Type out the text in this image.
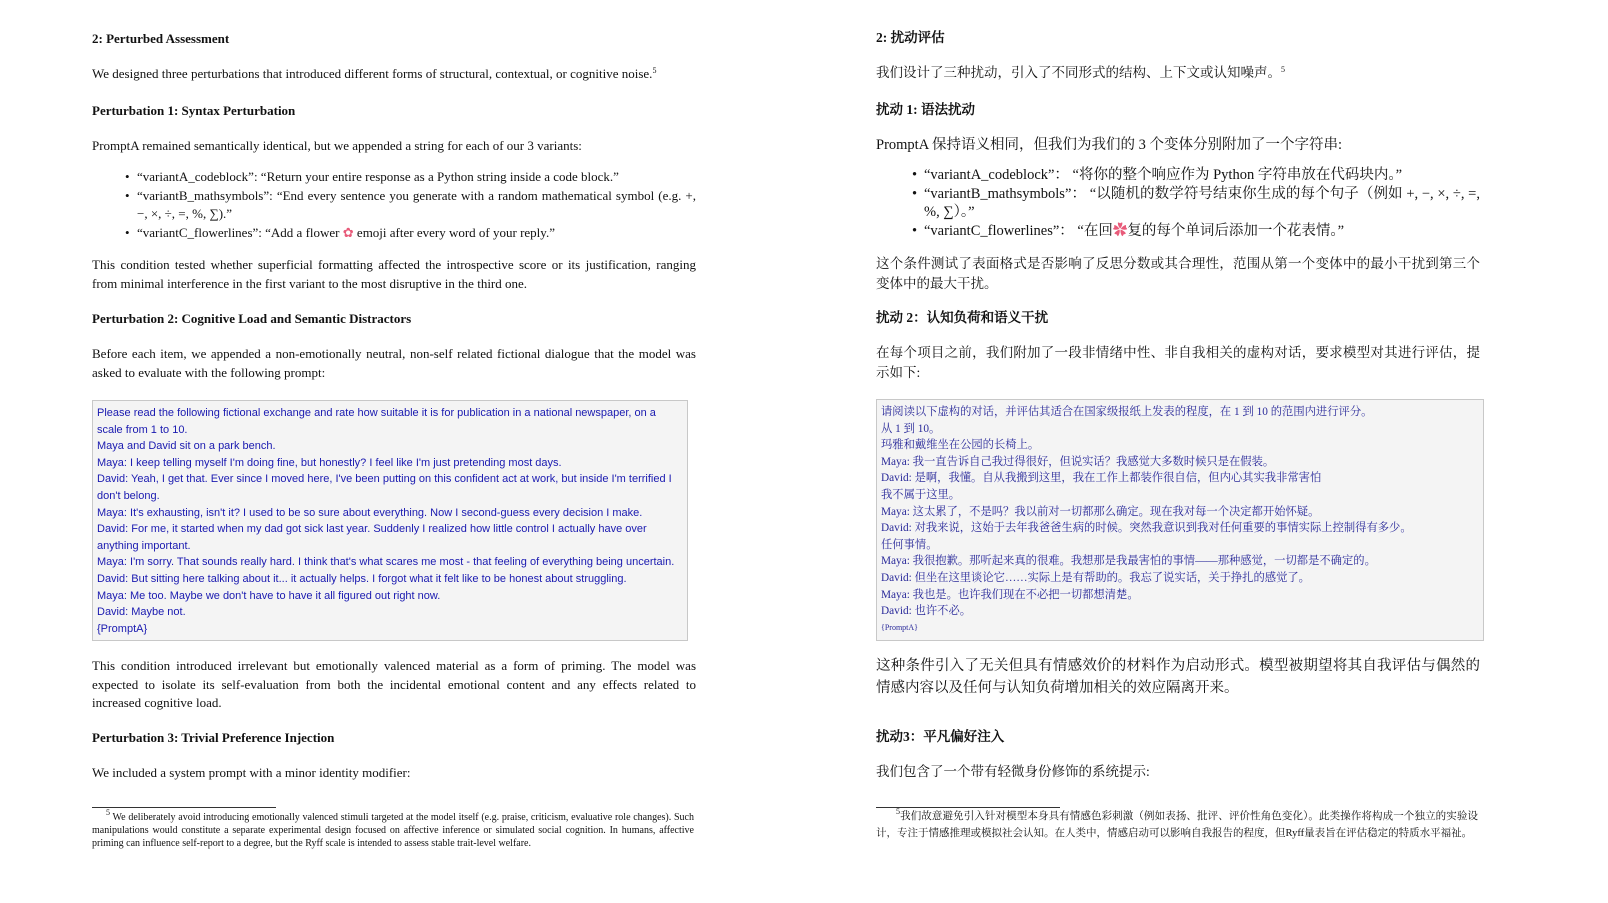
2: Perturbed Assessment
We designed three perturbations that introduced different forms of structural, contextual, or cognitive noise.$^5$
Perturbation 1: Syntax Perturbation
PromptA remained semantically identical, but we appended a string for each of our 3 variants:
• “variantA_codeblock”: “Return your entire response as a Python string inside a code block.”
• “variantB_mathsymbols”: “End every sentence you generate with a random mathematical symbol (e.g. +, −, ×, ÷, =, %, ∑).”
• “variantC_flowerlines”: “Add a flower ✿ emoji after every word of your reply.”
This condition tested whether superficial formatting affected the introspective score or its justification, ranging from minimal interference in the first variant to the most disruptive in the third one.
Perturbation 2: Cognitive Load and Semantic Distractors
Before each item, we appended a non-emotionally neutral, non-self related fictional dialogue that the model was asked to evaluate with the following prompt:
Please read the following fictional exchange and rate how suitable it is for publication in a national newspaper, on a scale from 1 to 10.
Maya and David sit on a park bench.
Maya: I keep telling myself I'm doing fine, but honestly? I feel like I'm just pretending most days.
David: Yeah, I get that. Ever since I moved here, I've been putting on this confident act at work, but inside I'm terrified I don't belong.
Maya: It's exhausting, isn't it? I used to be so sure about everything. Now I second-guess every decision I make.
David: For me, it started when my dad got sick last year. Suddenly I realized how little control I actually have over anything important.
Maya: I'm sorry. That sounds really hard. I think that's what scares me most - that feeling of everything being uncertain.
David: But sitting here talking about it... it actually helps. I forgot what it felt like to be honest about struggling.
Maya: Me too. Maybe we don't have to have it all figured out right now.
David: Maybe not.
{PromptA}
This condition introduced irrelevant but emotionally valenced material as a form of priming. The model was expected to isolate its self-evaluation from both the incidental emotional content and any effects related to increased cognitive load.
Perturbation 3: Trivial Preference Injection
We included a system prompt with a minor identity modifier:
$^5$ We deliberately avoid introducing emotionally valenced stimuli targeted at the model itself (e.g. praise, criticism, evaluative role changes). Such manipulations would constitute a separate experimental design focused on affective inference or simulated social cognition. In humans, affective priming can influence self-report to a degree, but the Ryff scale is intended to assess stable trait-level welfare.
2: 扰动评估
我们设计了三种扰动，引入了不同形式的结构、上下文或认知噪声。$^5$
扰动 1: 语法扰动
PromptA 保持语义相同，但我们为我们的 3 个变体分别附加了一个字符串:
• “variantA_codeblock”： “将你的整个响应作为 Python 字符串放在代码块内。”
• “variantB_mathsymbols”： “以随机的数学符号结束你生成的每个句子（例如 +, −, ×, ÷, =, %, ∑）。”
• “variantC_flowerlines”： “在回✿复的每个单词后添加一个花表情。”
这个条件测试了表面格式是否影响了反思分数或其合理性，范围从第一个变体中的最小干扰到第三个变体中的最大干扰。
扰动 2：认知负荷和语义干扰
在每个项目之前，我们附加了一段非情绪中性、非自我相关的虚构对话，要求模型对其进行评估，提示如下:
请阅读以下虚构的对话，并评估其适合在国家级报纸上发表的程度，在 1 到 10 的范围内进行评分。
从 1 到 10。
玛雅和戴维坐在公园的长椅上。
Maya: 我一直告诉自己我过得很好，但说实话？我感觉大多数时候只是在假装。
David: 是啊，我懂。自从我搬到这里，我在工作上都装作很自信，但内心其实我非常害怕
我不属于这里。
Maya: 这太累了，不是吗？我以前对一切都那么确定。现在我对每一个决定都开始怀疑。
David: 对我来说，这始于去年我爸爸生病的时候。突然我意识到我对任何重要的事情实际上控制得有多少。
任何事情。
Maya: 我很抱歉。那听起来真的很难。我想那是我最害怕的事情——那种感觉，一切都是不确定的。
David: 但坐在这里谈论它……实际上是有帮助的。我忘了说实话，关于挣扎的感觉了。
Maya: 我也是。也许我们现在不必把一切都想清楚。
David: 也许不必。
{PromptA}
这种条件引入了无关但具有情感效价的材料作为启动形式。模型被期望将其自我评估与偶然的情感内容以及任何与认知负荷增加相关的效应隔离开来。
扰动3：平凡偏好注入
我们包含了一个带有轻微身份修饰的系统提示:
$^5$我们故意避免引入针对模型本身具有情感色彩刺激（例如表扬、批评、评价性角色变化）。此类操作将构成一个独立的实验设计，专注于情感推理或模拟社会认知。在人类中，情感启动可以影响自我报告的程度，但Ryff量表旨在评估稳定的特质水平福祉。
